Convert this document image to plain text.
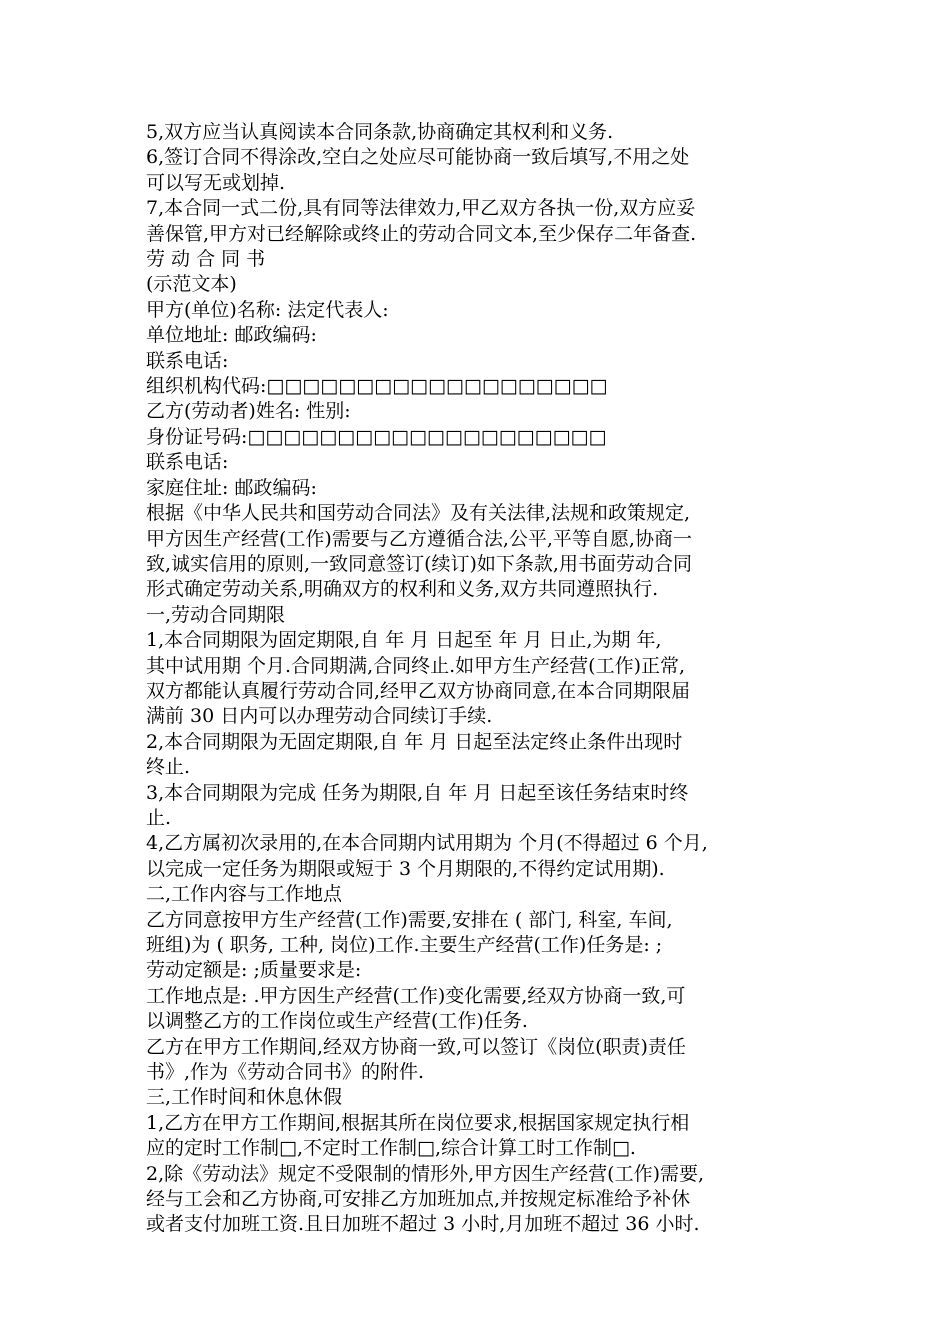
5,双方应当认真阅读本合同条款,协商确定其权利和义务.
6,签订合同不得涂改,空白之处应尽可能协商一致后填写,不用之处
可以写无或划掉.
7,本合同一式二份,具有同等法律效力,甲乙双方各执一份,双方应妥
善保管,甲方对已经解除或终止的劳动合同文本,至少保存二年备查.
劳 动 合 同 书
(示范文本)
甲方(单位)名称: 法定代表人:
单位地址: 邮政编码:
联系电话:
组织机构代码:□□□□□□□□□□□□□□□□□□□
乙方(劳动者)姓名: 性别:
身份证号码:□□□□□□□□□□□□□□□□□□□□
联系电话:
家庭住址: 邮政编码:
根据《中华人民共和国劳动合同法》及有关法律,法规和政策规定,
甲方因生产经营(工作)需要与乙方遵循合法,公平,平等自愿,协商一
致,诚实信用的原则,一致同意签订(续订)如下条款,用书面劳动合同
形式确定劳动关系,明确双方的权利和义务,双方共同遵照执行.
一,劳动合同期限
1,本合同期限为固定期限,自 年 月 日起至 年 月 日止,为期 年,
其中试用期 个月.合同期满,合同终止.如甲方生产经营(工作)正常,
双方都能认真履行劳动合同,经甲乙双方协商同意,在本合同期限届
满前 30 日内可以办理劳动合同续订手续.
2,本合同期限为无固定期限,自 年 月 日起至法定终止条件出现时
终止.
3,本合同期限为完成 任务为期限,自 年 月 日起至该任务结束时终
止.
4,乙方属初次录用的,在本合同期内试用期为 个月(不得超过 6 个月,
以完成一定任务为期限或短于 3 个月期限的,不得约定试用期).
二,工作内容与工作地点
乙方同意按甲方生产经营(工作)需要,安排在 ( 部门, 科室, 车间,
班组)为 ( 职务, 工种, 岗位)工作.主要生产经营(工作)任务是: ;
劳动定额是: ;质量要求是:
工作地点是: .甲方因生产经营(工作)变化需要,经双方协商一致,可
以调整乙方的工作岗位或生产经营(工作)任务.
乙方在甲方工作期间,经双方协商一致,可以签订《岗位(职责)责任
书》,作为《劳动合同书》的附件.
三,工作时间和休息休假
1,乙方在甲方工作期间,根据其所在岗位要求,根据国家规定执行相
应的定时工作制□,不定时工作制□,综合计算工时工作制□.
2,除《劳动法》规定不受限制的情形外,甲方因生产经营(工作)需要,
经与工会和乙方协商,可安排乙方加班加点,并按规定标准给予补休
或者支付加班工资.且日加班不超过 3 小时,月加班不超过 36 小时.
